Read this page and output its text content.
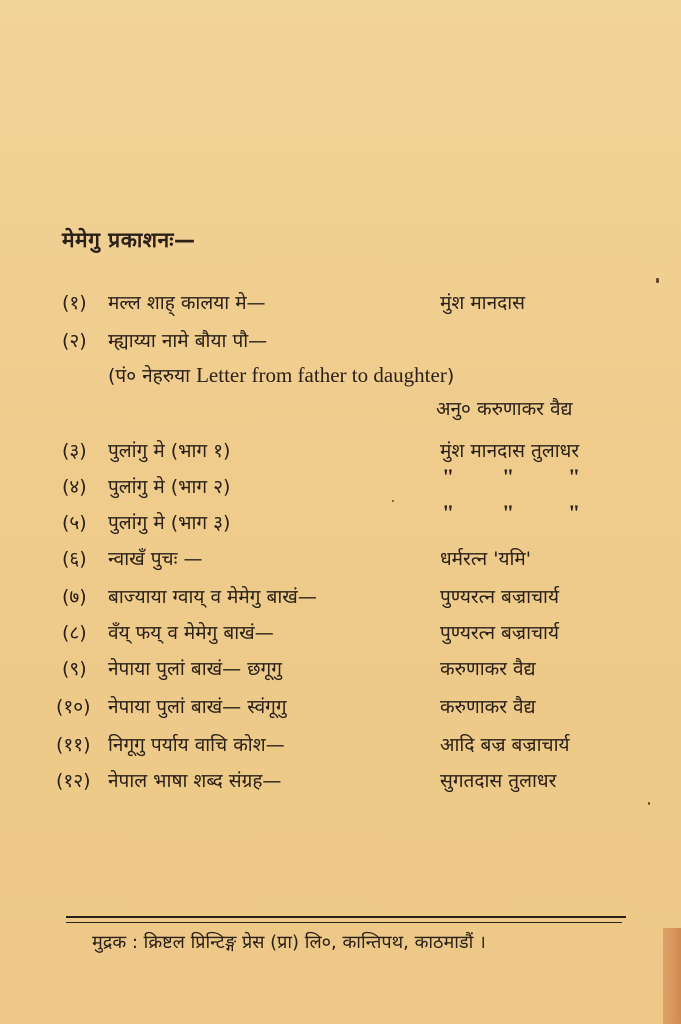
मेमेगु प्रकाशनः—
(१)	मल्ल शाह् कालया मे—	मुंश मानदास
(२)	म्ह्याय्या नामे बौया पौ—
(पं० नेहरुया Letter from father to daughter)
अनु० करुणाकर वैद्य
(३)	पुलांगु मे (भाग १)	मुंश मानदास तुलाधर
(४)	पुलांगु मे (भाग २)	" " "
(५)	पुलांगु मे (भाग ३)	" " "
(६)	न्वाखँ पुचः —	धर्मरत्न 'यमि'
(७)	बाज्याया ग्वाय् व मेमेगु बाखं—	पुण्यरत्न बज्राचार्य
(८)	वँय् फय् व मेमेगु बाखं—	पुण्यरत्न बज्राचार्य
(९)	नेपाया पुलां बाखं— छगूगु	करुणाकर वैद्य
(१०) नेपाया पुलां बाखं— स्वंगूगु	करुणाकर वैद्य
(११) निगूगु पर्याय वाचि कोश—	आदि बज्र बज्राचार्य
(१२) नेपाल भाषा शब्द संग्रह—	सुगतदास तुलाधर
मुद्रक : क्रिष्टल प्रिन्टिङ्ग प्रेस (प्रा) लि०, कान्तिपथ, काठमाडौं ।
